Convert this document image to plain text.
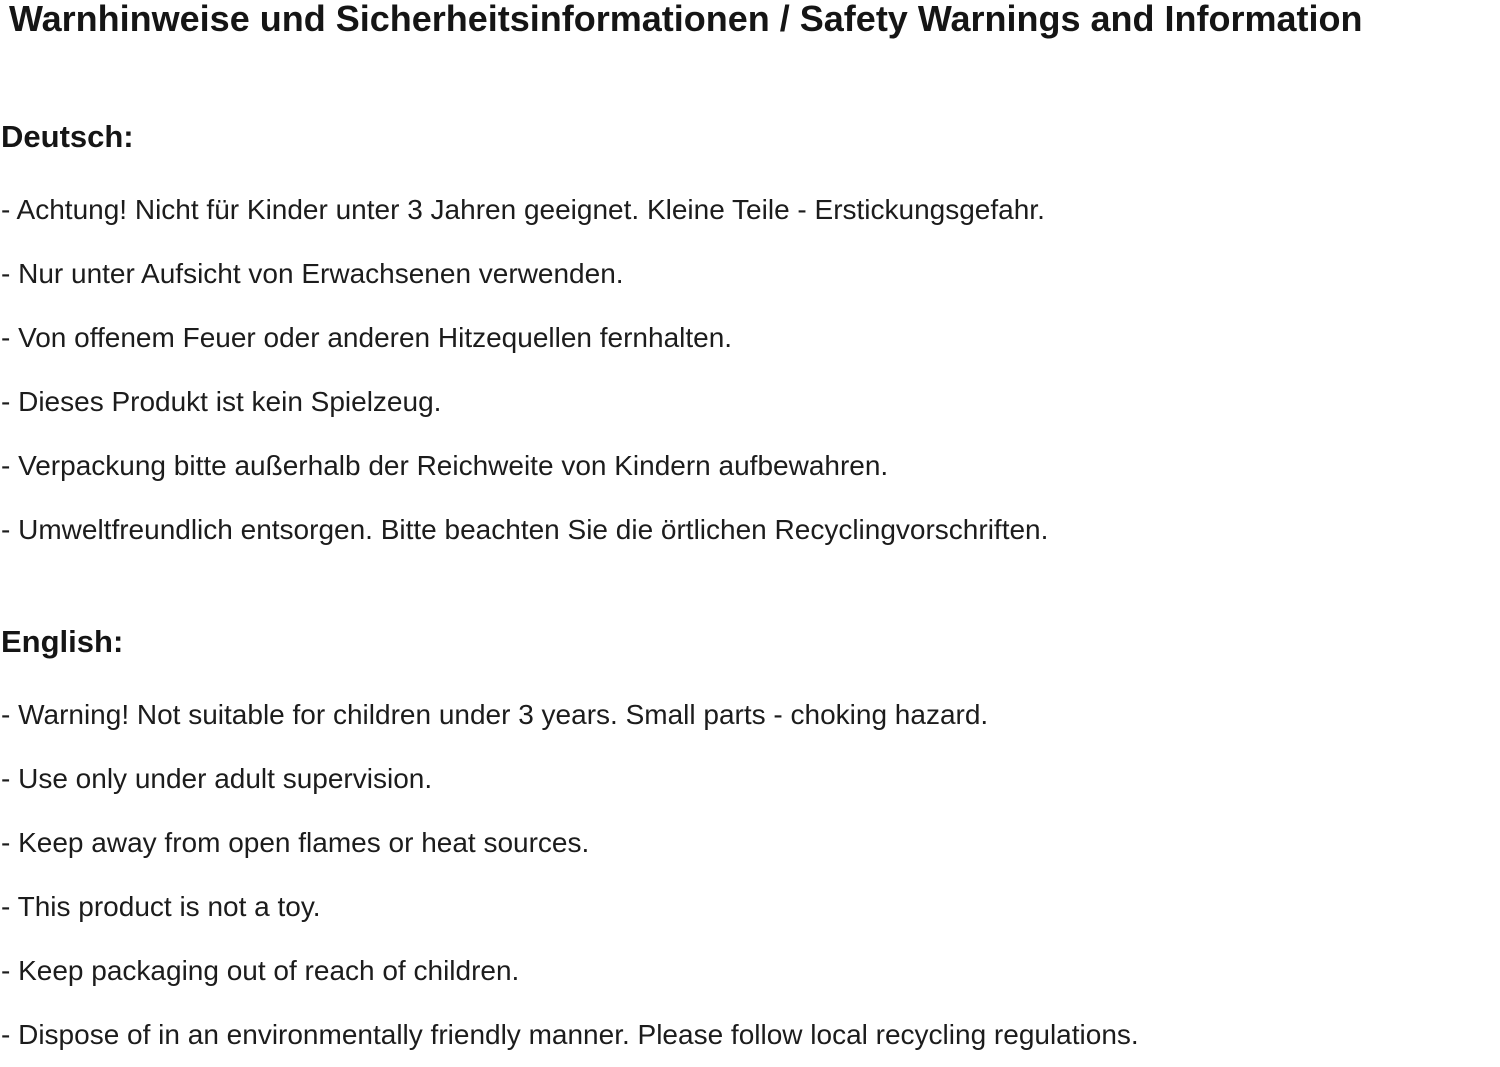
Warnhinweise und Sicherheitsinformationen / Safety Warnings and Information
Deutsch:
- Achtung! Nicht für Kinder unter 3 Jahren geeignet. Kleine Teile - Erstickungsgefahr.
- Nur unter Aufsicht von Erwachsenen verwenden.
- Von offenem Feuer oder anderen Hitzequellen fernhalten.
- Dieses Produkt ist kein Spielzeug.
- Verpackung bitte außerhalb der Reichweite von Kindern aufbewahren.
- Umweltfreundlich entsorgen. Bitte beachten Sie die örtlichen Recyclingvorschriften.
English:
- Warning! Not suitable for children under 3 years. Small parts - choking hazard.
- Use only under adult supervision.
- Keep away from open flames or heat sources.
- This product is not a toy.
- Keep packaging out of reach of children.
- Dispose of in an environmentally friendly manner. Please follow local recycling regulations.
